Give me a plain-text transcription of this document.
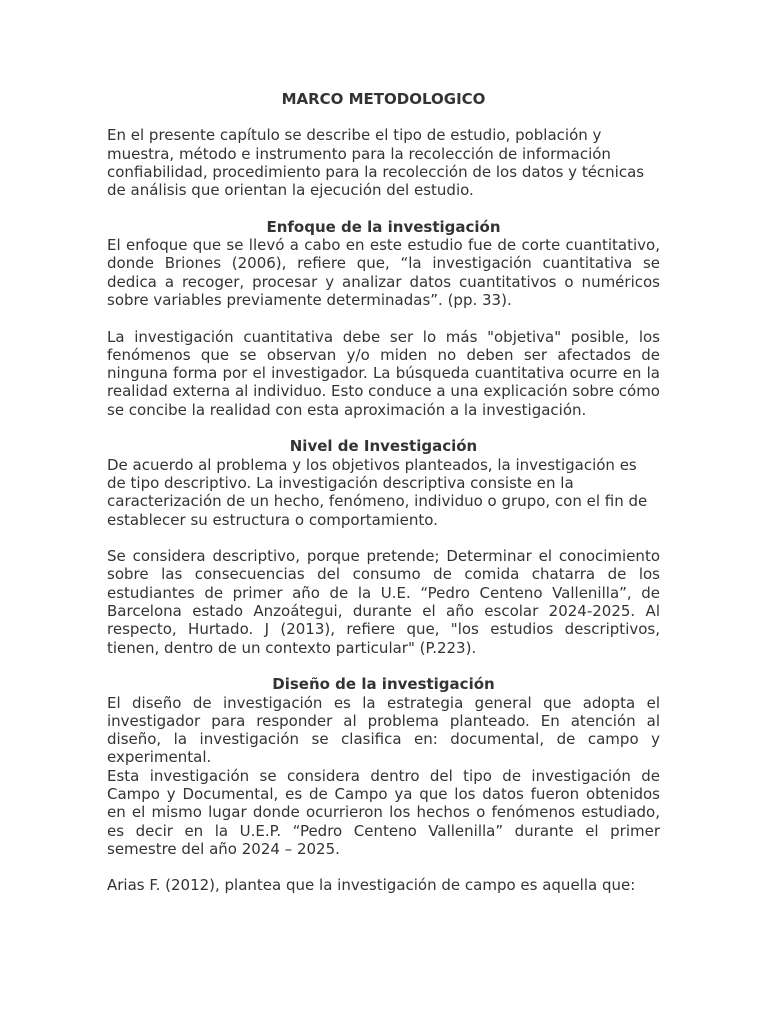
MARCO METODOLOGICO

En el presente capítulo se describe el tipo de estudio, población y muestra, método e instrumento para la recolección de información confiabilidad, procedimiento para la recolección de los datos y técnicas de análisis que orientan la ejecución del estudio.

Enfoque de la investigación

El enfoque que se llevó a cabo en este estudio fue de corte cuantitativo, donde Briones (2006), refiere que, “la investigación cuantitativa se dedica a recoger, procesar y analizar datos cuantitativos o numéricos sobre variables previamente determinadas”. (pp. 33).

La investigación cuantitativa debe ser lo más "objetiva" posible, los fenómenos que se observan y/o miden no deben ser afectados de ninguna forma por el investigador. La búsqueda cuantitativa ocurre en la realidad externa al individuo. Esto conduce a una explicación sobre cómo se concibe la realidad con esta aproximación a la investigación.

Nivel de Investigación

De acuerdo al problema y los objetivos planteados, la investigación es de tipo descriptivo. La investigación descriptiva consiste en la caracterización de un hecho, fenómeno, individuo o grupo, con el fin de establecer su estructura o comportamiento.

Se considera descriptivo, porque pretende; Determinar el conocimiento sobre las consecuencias del consumo de comida chatarra de los estudiantes de primer año de la U.E. “Pedro Centeno Vallenilla”, de Barcelona estado Anzoátegui, durante el año escolar 2024-2025. Al respecto, Hurtado. J (2013), refiere que, "los estudios descriptivos, tienen, dentro de un contexto particular" (P.223).

Diseño de la investigación

El diseño de investigación es la estrategia general que adopta el investigador para responder al problema planteado. En atención al diseño, la investigación se clasifica en: documental, de campo y experimental.

Esta investigación se considera dentro del tipo de investigación de Campo y Documental, es de Campo ya que los datos fueron obtenidos en el mismo lugar donde ocurrieron los hechos o fenómenos estudiado, es decir en la U.E.P. “Pedro Centeno Vallenilla” durante el primer semestre del año 2024 – 2025.

Arias F. (2012), plantea que la investigación de campo es aquella que:
